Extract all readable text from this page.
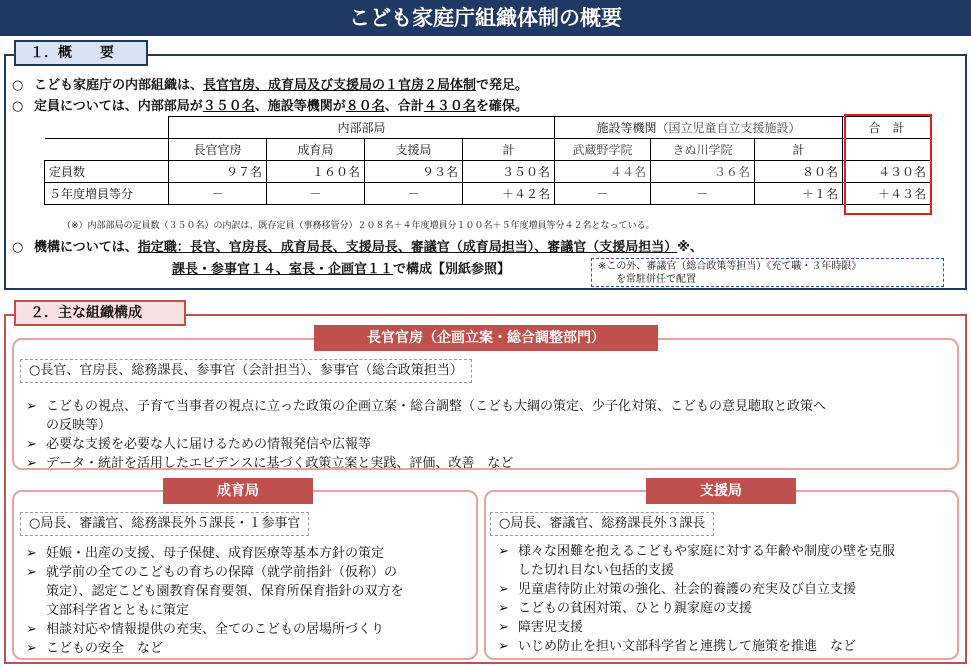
こども家庭庁組織体制の概要
１．概　　要
○ こども家庭庁の内部組織は、長官官房、成育局及び支援局の１官房２局体制で発足。
○ 定員については、内部部局が３５０名、施設等機関が８０名、合計４３０名を確保。
	内部部局				施設等機関（国立児童自立支援施設）			合　計
	長官官房	成育局	支援局	計	武蔵野学院	きぬ川学院	計	
定員数	９７名	１６０名	９３名	３５０名	４４名	３６名	８０名	４３０名
５年度増員等分	－	－	－	＋４２名	－	－	＋１名	＋４３名
（※）内部部局の定員数（３５０名）の内訳は、既存定員（事務移管分）２０８名＋４年度増員分１００名＋５年度増員等分４２名となっている。
○ 機構については、指定職：長官、官房長、成育局長、支援局長、審議官（成育局担当）、審議官（支援局担当）※、
課長・参事官１４、室長・企画官１１で構成【別紙参照】	※この外、審議官（総合政策等担当）《充て職・３年時限》
を常駐併任で配置
２．主な組織構成
長官官房（企画立案・総合調整部門）
○長官、官房長、総務課長、参事官（会計担当）、参事官（総合政策担当）
➢ こどもの視点、子育て当事者の視点に立った政策の企画立案・総合調整（こども大綱の策定、少子化対策、こどもの意見聴取と政策へ
の反映等）
➢ 必要な支援を必要な人に届けるための情報発信や広報等
➢ データ・統計を活用したエビデンスに基づく政策立案と実践、評価、改善　など
成育局
○局長、審議官、総務課長外５課長・１参事官
➢ 妊娠・出産の支援、母子保健、成育医療等基本方針の策定
➢ 就学前の全てのこどもの育ちの保障（就学前指針（仮称）の
策定）、認定こども園教育保育要領、保育所保育指針の双方を
文部科学省とともに策定
➢ 相談対応や情報提供の充実、全てのこどもの居場所づくり
➢ こどもの安全　など
支援局
○局長、審議官、総務課長外３課長
➢ 様々な困難を抱えるこどもや家庭に対する年齢や制度の壁を克服
した切れ目ない包括的支援
➢ 児童虐待防止対策の強化、社会的養護の充実及び自立支援
➢ こどもの貧困対策、ひとり親家庭の支援
➢ 障害児支援
➢ いじめ防止を担い文部科学省と連携して施策を推進　など
